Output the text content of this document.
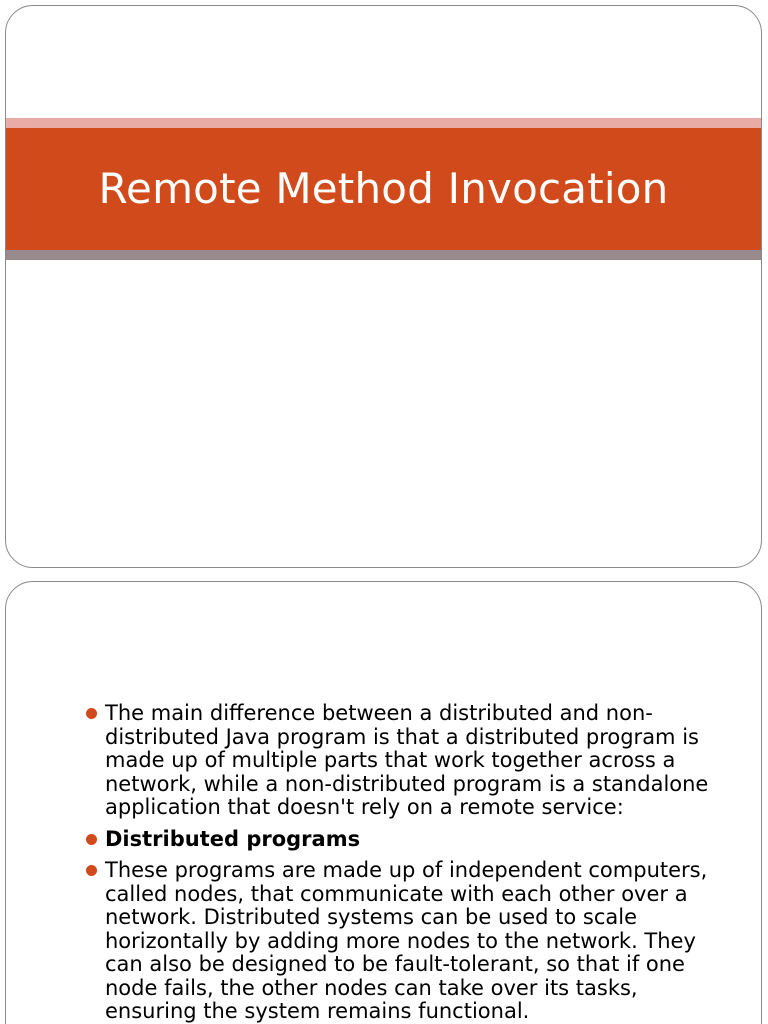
Remote Method Invocation
The main difference between a distributed and non-distributed Java program is that a distributed program is made up of multiple parts that work together across a network, while a non-distributed program is a standalone application that doesn't rely on a remote service:
Distributed programs
These programs are made up of independent computers, called nodes, that communicate with each other over a network. Distributed systems can be used to scale horizontally by adding more nodes to the network. They can also be designed to be fault-tolerant, so that if one node fails, the other nodes can take over its tasks, ensuring the system remains functional.
